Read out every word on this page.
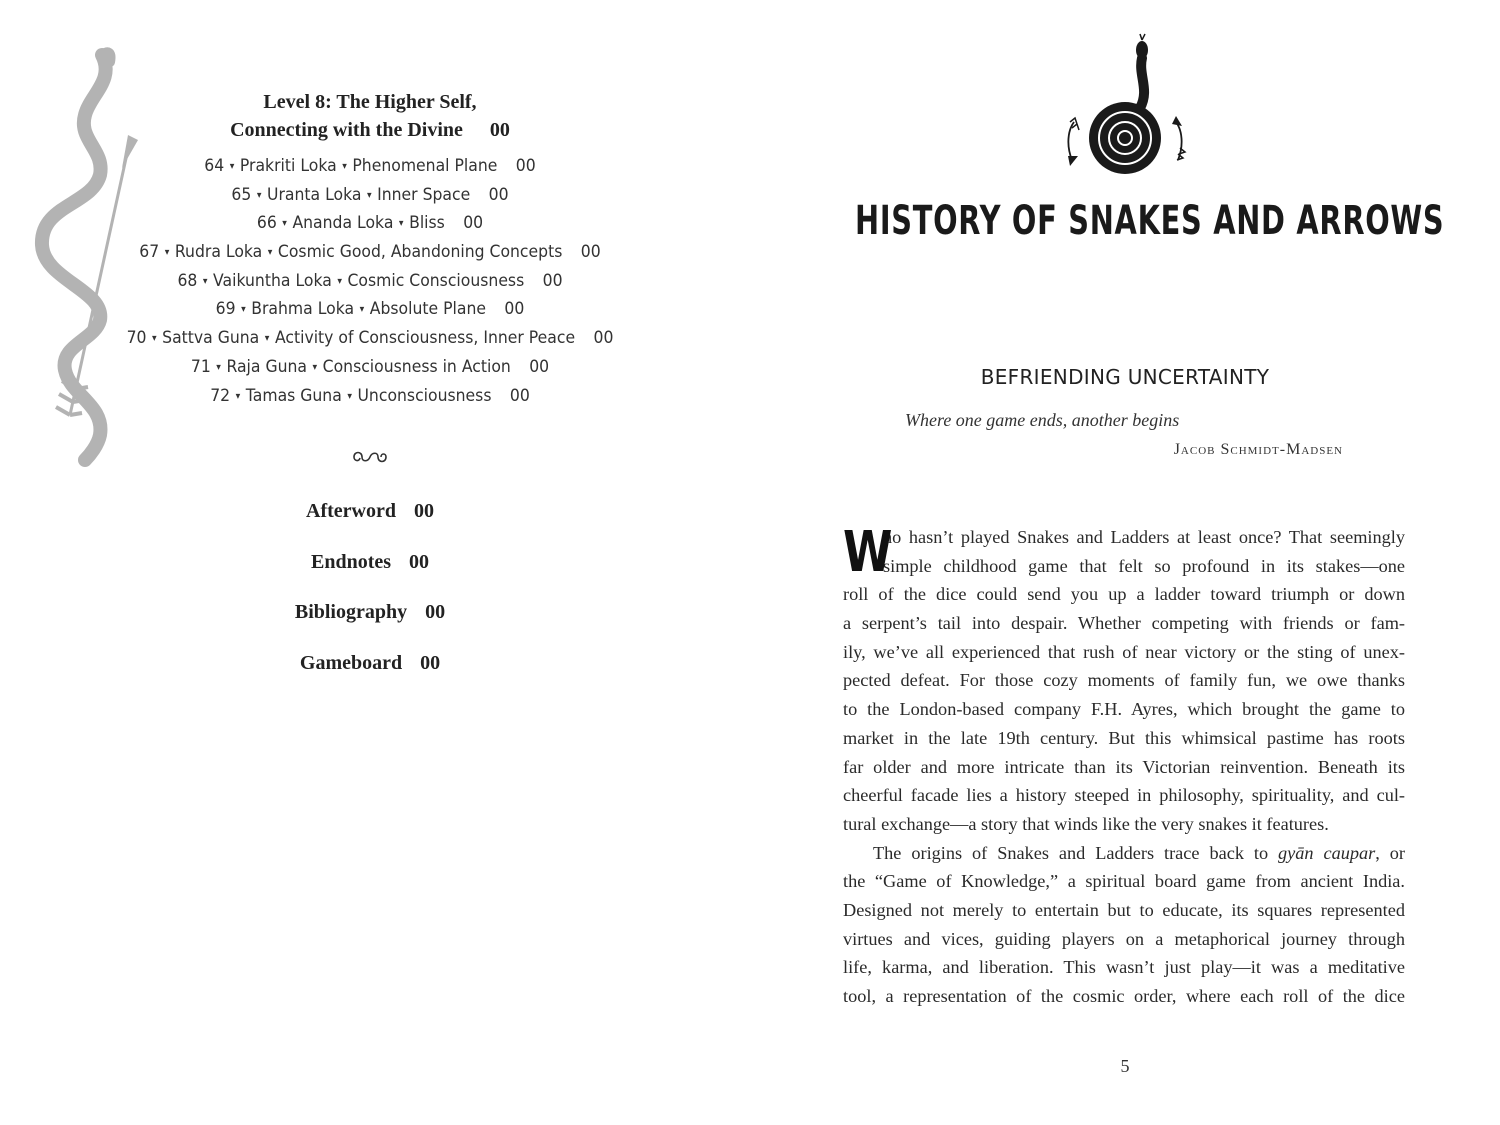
Level 8: The Higher Self,
Connecting with the Divine 00
64 ▾ Prakriti Loka ▾ Phenomenal Plane 00
65 ▾ Uranta Loka ▾ Inner Space 00
66 ▾ Ananda Loka ▾ Bliss 00
67 ▾ Rudra Loka ▾ Cosmic Good, Abandoning Concepts 00
68 ▾ Vaikuntha Loka ▾ Cosmic Consciousness 00
69 ▾ Brahma Loka ▾ Absolute Plane 00
70 ▾ Sattva Guna ▾ Activity of Consciousness, Inner Peace 00
71 ▾ Raja Guna ▾ Consciousness in Action 00
72 ▾ Tamas Guna ▾ Unconsciousness 00
Afterword 00
Endnotes 00
Bibliography 00
Gameboard 00
HISTORY OF SNAKES AND ARROWS
BEFRIENDING UNCERTAINTY
Where one game ends, another begins
Jacob Schmidt-Madsen
W
ho hasn’t played Snakes and Ladders at least once? That seemingly
simple childhood game that felt so profound in its stakes—one
roll of the dice could send you up a ladder toward triumph or down
a serpent’s tail into despair. Whether competing with friends or fam-
ily, we’ve all experienced that rush of near victory or the sting of unex-
pected defeat. For those cozy moments of family fun, we owe thanks
to the London-based company F.H. Ayres, which brought the game to
market in the late 19th century. But this whimsical pastime has roots
far older and more intricate than its Victorian reinvention. Beneath its
cheerful facade lies a history steeped in philosophy, spirituality, and cul-
tural exchange—a story that winds like the very snakes it features.
The origins of Snakes and Ladders trace back to gyān caupar, or
the “Game of Knowledge,” a spiritual board game from ancient India.
Designed not merely to entertain but to educate, its squares represented
virtues and vices, guiding players on a metaphorical journey through
life, karma, and liberation. This wasn’t just play—it was a meditative
tool, a representation of the cosmic order, where each roll of the dice
5
